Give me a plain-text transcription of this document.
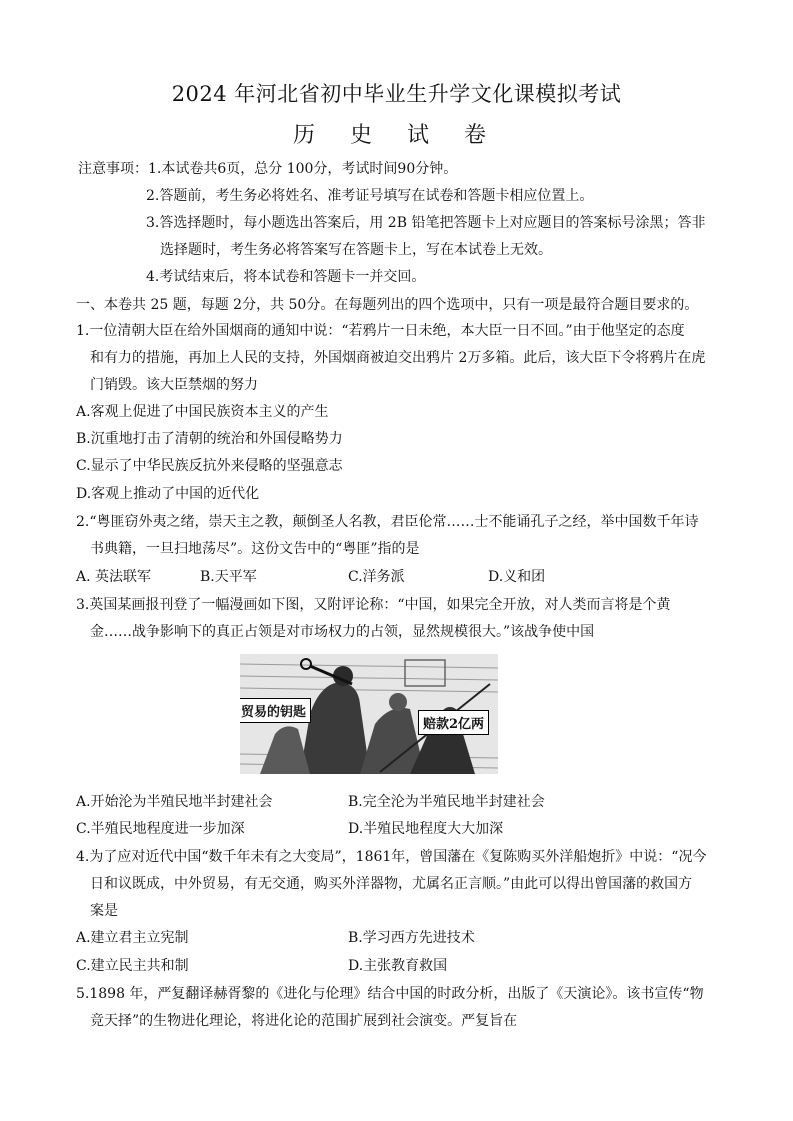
2024 年河北省初中毕业生升学文化课模拟考试
历 史 试 卷
注意事项：1.本试卷共6页，总分 100分，考试时间90分钟。
2.答题前，考生务必将姓名、准考证号填写在试卷和答题卡相应位置上。
3.答选择题时，每小题选出答案后，用 2B 铅笔把答题卡上对应题目的答案标号涂黑；答非
选择题时，考生务必将答案写在答题卡上，写在本试卷上无效。
4.考试结束后，将本试卷和答题卡一并交回。
一、本卷共 25 题，每题 2分，共 50分。在每题列出的四个选项中，只有一项是最符合题目要求的。
1.一位清朝大臣在给外国烟商的通知中说：“若鸦片一日未绝，本大臣一日不回。”由于他坚定的态度
和有力的措施，再加上人民的支持，外国烟商被迫交出鸦片 2万多箱。此后，该大臣下令将鸦片在虎
门销毁。该大臣禁烟的努力
A.客观上促进了中国民族资本主义的产生
B.沉重地打击了清朝的统治和外国侵略势力
C.显示了中华民族反抗外来侵略的坚强意志
D.客观上推动了中国的近代化
2.“粤匪窃外夷之绪，崇天主之教，颠倒圣人名教，君臣伦常……士不能诵孔子之经，举中国数千年诗
书典籍，一旦扫地荡尽”。这份文告中的“粤匪”指的是
A. 英法联军	B.天平军	C.洋务派	D.义和团
3.英国某画报刊登了一幅漫画如下图，又附评论称：“中国，如果完全开放，对人类而言将是个黄
金……战争影响下的真正占领是对市场权力的占领，显然规模很大。”该战争使中国
贸易的钥匙
赔款2亿两
A.开始沦为半殖民地半封建社会	B.完全沦为半殖民地半封建社会
C.半殖民地程度进一步加深	D.半殖民地程度大大加深
4.为了应对近代中国“数千年未有之大变局”，1861年，曾国藩在《复陈购买外洋船炮折》中说：“况今
日和议既成，中外贸易，有无交通，购买外洋器物，尤属名正言顺。”由此可以得出曾国藩的救国方
案是
A.建立君主立宪制	B.学习西方先进技术
C.建立民主共和制	D.主张教育救国
5.1898 年，严复翻译赫胥黎的《进化与伦理》结合中国的时政分析，出版了《天演论》。该书宣传“物
竞天择”的生物进化理论，将进化论的范围扩展到社会演变。严复旨在
